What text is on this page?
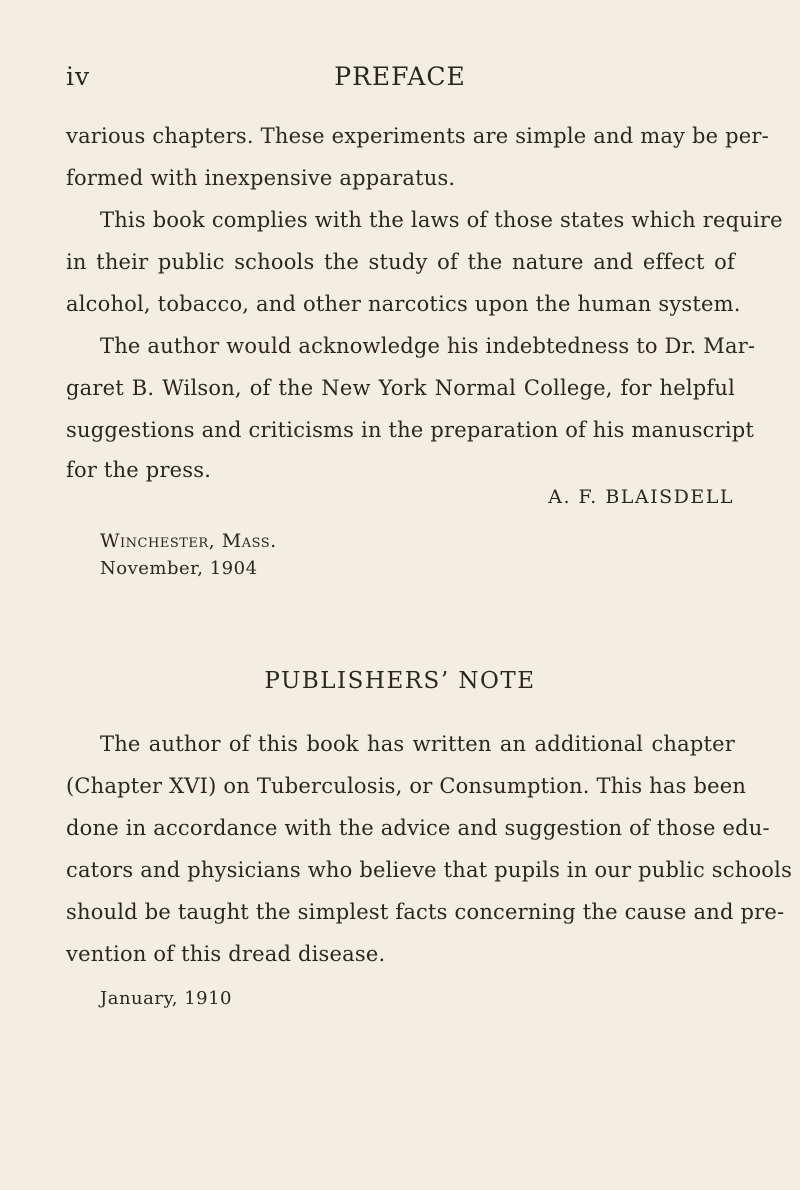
iv	PREFACE
various chapters. These experiments are simple and may be per-
formed with inexpensive apparatus.
This book complies with the laws of those states which require
in their public schools the study of the nature and effect of
alcohol, tobacco, and other narcotics upon the human system.
The author would acknowledge his indebtedness to Dr. Mar-
garet B. Wilson, of the New York Normal College, for helpful
suggestions and criticisms in the preparation of his manuscript
for the press.
A. F. BLAISDELL
Winchester, Mass.
November, 1904
PUBLISHERS’ NOTE
The author of this book has written an additional chapter
(Chapter XVI) on Tuberculosis, or Consumption. This has been
done in accordance with the advice and suggestion of those edu-
cators and physicians who believe that pupils in our public schools
should be taught the simplest facts concerning the cause and pre-
vention of this dread disease.
January, 1910
